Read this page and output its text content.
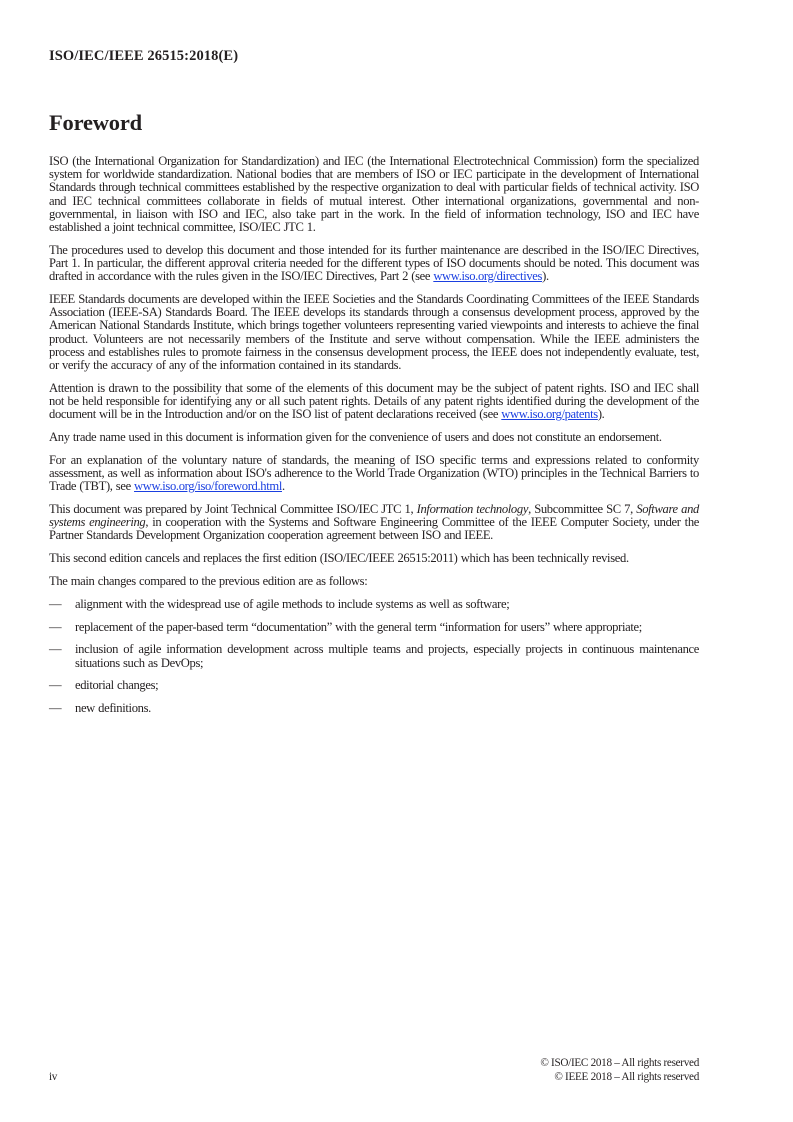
ISO/IEC/IEEE 26515:2018(E)
Foreword

ISO (the International Organization for Standardization) and IEC (the International Electrotechnical Commission) form the specialized system for worldwide standardization. National bodies that are members of ISO or IEC participate in the development of International Standards through technical committees established by the respective organization to deal with particular fields of technical activity. ISO and IEC technical committees collaborate in fields of mutual interest. Other international organizations, governmental and non-governmental, in liaison with ISO and IEC, also take part in the work. In the field of information technology, ISO and IEC have established a joint technical committee, ISO/IEC JTC 1.

The procedures used to develop this document and those intended for its further maintenance are described in the ISO/IEC Directives, Part 1. In particular, the different approval criteria needed for the different types of ISO documents should be noted. This document was drafted in accordance with the rules given in the ISO/IEC Directives, Part 2 (see www.iso.org/directives).

IEEE Standards documents are developed within the IEEE Societies and the Standards Coordinating Committees of the IEEE Standards Association (IEEE-SA) Standards Board. The IEEE develops its standards through a consensus development process, approved by the American National Standards Institute, which brings together volunteers representing varied viewpoints and interests to achieve the final product. Volunteers are not necessarily members of the Institute and serve without compensation. While the IEEE administers the process and establishes rules to promote fairness in the consensus development process, the IEEE does not independently evaluate, test, or verify the accuracy of any of the information contained in its standards.

Attention is drawn to the possibility that some of the elements of this document may be the subject of patent rights. ISO and IEC shall not be held responsible for identifying any or all such patent rights. Details of any patent rights identified during the development of the document will be in the Introduction and/or on the ISO list of patent declarations received (see www.iso.org/patents).

Any trade name used in this document is information given for the convenience of users and does not constitute an endorsement.

For an explanation of the voluntary nature of standards, the meaning of ISO specific terms and expressions related to conformity assessment, as well as information about ISO's adherence to the World Trade Organization (WTO) principles in the Technical Barriers to Trade (TBT), see www.iso.org/iso/foreword.html.

This document was prepared by Joint Technical Committee ISO/IEC JTC 1, Information technology, Subcommittee SC 7, Software and systems engineering, in cooperation with the Systems and Software Engineering Committee of the IEEE Computer Society, under the Partner Standards Development Organization cooperation agreement between ISO and IEEE.

This second edition cancels and replaces the first edition (ISO/IEC/IEEE 26515:2011) which has been technically revised.

The main changes compared to the previous edition are as follows:

— alignment with the widespread use of agile methods to include systems as well as software;
— replacement of the paper-based term “documentation” with the general term “information for users” where appropriate;
— inclusion of agile information development across multiple teams and projects, especially projects in continuous maintenance situations such as DevOps;
— editorial changes;
— new definitions.
iv
© ISO/IEC 2018 – All rights reserved
© IEEE 2018 – All rights reserved
